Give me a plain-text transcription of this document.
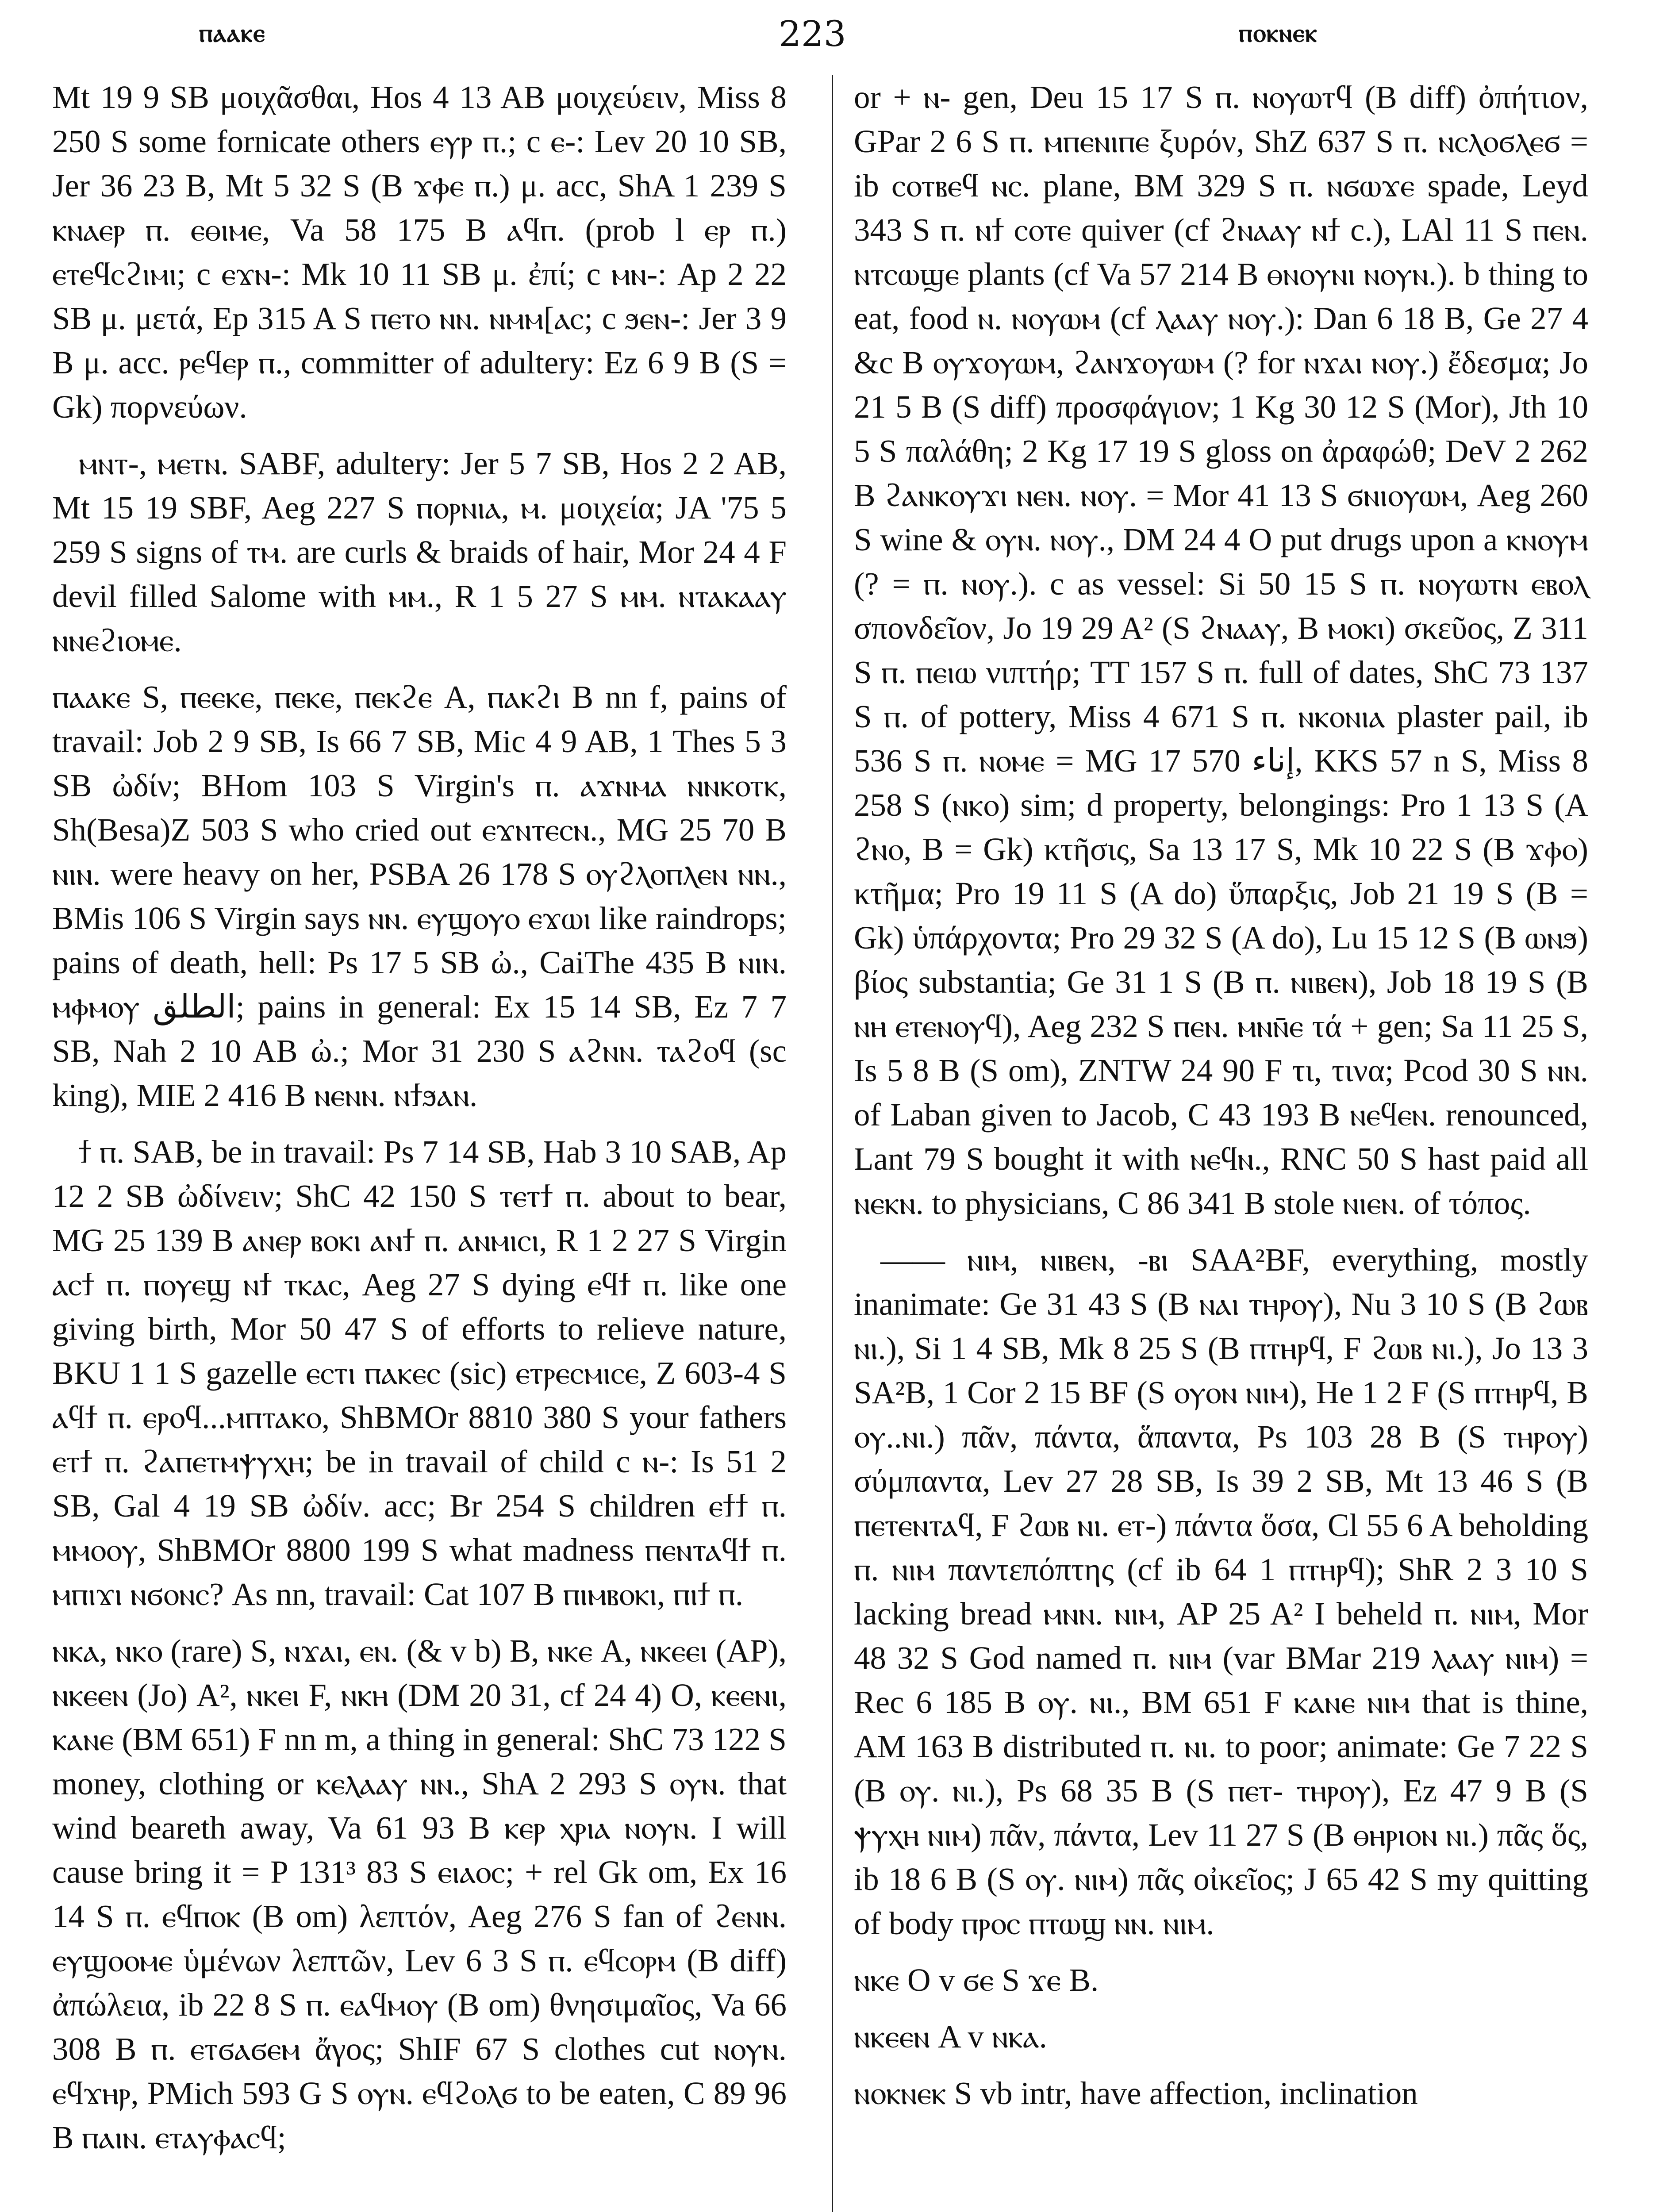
ⲡⲁⲁⲕⲉ	223	ⲡⲟⲕⲛⲉⲕ

Mt 19 9 SB μοιχᾶσθαι, Hos 4 13 AB μοιχεύειν, Miss 8 250 S some fornicate others ⲉⲩⲣ ⲡ.; c ⲉ-: Lev 20 10 SB, Jer 36 23 B, Mt 5 32 S (B ϫⲫⲉ ⲡ.) μ. acc, ShA 1 239 S ⲕⲛⲁⲉⲣ ⲡ. ⲉⲑⲓⲙⲉ, Va 58 175 B ⲁϥⲡ. (prob l ⲉⲣ ⲡ.) ⲉⲧⲉϥⲥϩⲓⲙⲓ; c ⲉϫⲛ-: Mk 10 11 SB μ. ἐπί; c ⲙⲛ-: Ap 2 22 SB μ. μετά, Ep 315 A S ⲡⲉⲧⲟ ⲛⲛ. ⲛⲙⲙ[ⲁⲥ; c ϧⲉⲛ-: Jer 3 9 B μ. acc. ⲣⲉϥⲉⲣ ⲡ., committer of adultery: Ez 6 9 B (S = Gk) πορνεύων.

ⲙⲛⲧ-, ⲙⲉⲧⲛ. SABF, adultery: Jer 5 7 SB, Hos 2 2 AB, Mt 15 19 SBF, Aeg 227 S ⲡⲟⲣⲛⲓⲁ, ⲙ. μοιχεία; JA '75 5 259 S signs of ⲧⲙ. are curls & braids of hair, Mor 24 4 F devil filled Salome with ⲙⲙ., R 1 5 27 S ⲙⲙ. ⲛⲧⲁⲕⲁⲁⲩ ⲛⲛⲉϩⲓⲟⲙⲉ.

ⲡⲁⲁⲕⲉ S, ⲡⲉⲉⲕⲉ, ⲡⲉⲕⲉ, ⲡⲉⲕϩⲉ A, ⲡⲁⲕϩⲓ B nn f, pains of travail: Job 2 9 SB, Is 66 7 SB, Mic 4 9 AB, 1 Thes 5 3 SB ὠδίν; BHom 103 S Virgin's ⲡ. ⲁϫⲛⲙⲁ ⲛⲛⲕⲟⲧⲕ, Sh(Besa)Z 503 S who cried out ⲉϫⲛⲧⲉⲥⲛ., MG 25 70 B ⲛⲓⲛ. were heavy on her, PSBA 26 178 S ⲟⲩϩⲗⲟⲡⲗⲉⲛ ⲛⲛ., BMis 106 S Virgin says ⲛⲛ. ⲉⲩϣⲟⲩⲟ ⲉϫⲱⲓ like raindrops; pains of death, hell: Ps 17 5 SB ὠ., CaiThe 435 B ⲛⲓⲛ. ⲙⲫⲙⲟⲩ الطلق; pains in general: Ex 15 14 SB, Ez 7 7 SB, Nah 2 10 AB ὠ.; Mor 31 230 S ⲁϩⲛⲛ. ⲧⲁϩⲟϥ (sc king), MIE 2 416 B ⲛⲉⲛⲛ. ⲛϯϧⲁⲛ.

ϯ ⲡ. SAB, be in travail: Ps 7 14 SB, Hab 3 10 SAB, Ap 12 2 SB ὠδίνειν; ShC 42 150 S ⲧⲉⲧϯ ⲡ. about to bear, MG 25 139 B ⲁⲛⲉⲣ ⲃⲟⲕⲓ ⲁⲛϯ ⲡ. ⲁⲛⲙⲓⲥⲓ, R 1 2 27 S Virgin ⲁⲥϯ ⲡ. ⲡⲟⲩⲉϣ ⲛϯ ⲧⲕⲁⲥ, Aeg 27 S dying ⲉϥϯ ⲡ. like one giving birth, Mor 50 47 S of efforts to relieve nature, BKU 1 1 S gazelle ⲉⲥⲧⲓ ⲡⲁⲕⲉⲥ (sic) ⲉⲧⲣⲉⲥⲙⲓⲥⲉ, Z 603-4 S ⲁϥϯ ⲡ. ⲉⲣⲟϥ...ⲙⲡⲧⲁⲕⲟ, ShBMOr 8810 380 S your fathers ⲉⲧϯ ⲡ. ϩⲁⲡⲉⲧⲙⲯⲩⲭⲏ; be in travail of child c ⲛ-: Is 51 2 SB, Gal 4 19 SB ὠδίν. acc; Br 254 S children ⲉϯϯ ⲡ. ⲙⲙⲟⲟⲩ, ShBMOr 8800 199 S what madness ⲡⲉⲛⲧⲁϥϯ ⲡ. ⲙⲡⲓϫⲓ ⲛϭⲟⲛⲥ? As nn, travail: Cat 107 B ⲡⲓⲙⲃⲟⲕⲓ, ⲡⲓϯ ⲡ.

ⲛⲕⲁ, ⲛⲕⲟ (rare) S, ⲛϫⲁⲓ, ⲉⲛ. (& v b) B, ⲛⲕⲉ A, ⲛⲕⲉⲉⲓ (AP), ⲛⲕⲉⲉⲛ (Jo) A², ⲛⲕⲉⲓ F, ⲛⲕⲏ (DM 20 31, cf 24 4) O, ⲕⲉⲉⲛⲓ, ⲕⲁⲛⲉ (BM 651) F nn m, a thing in general: ShC 73 122 S money, clothing or ⲕⲉⲗⲁⲁⲩ ⲛⲛ., ShA 2 293 S ⲟⲩⲛ. that wind beareth away, Va 61 93 B ⲕⲉⲣ ⲭⲣⲓⲁ ⲛⲟⲩⲛ. I will cause bring it = P 131³ 83 S ⲉⲓⲁⲟⲥ; + rel Gk om, Ex 16 14 S ⲡ. ⲉϥⲡⲟⲕ (B om) λεπτόν, Aeg 276 S fan of ϩⲉⲛⲛ. ⲉⲩϣⲟⲟⲙⲉ ὑμένων λεπτῶν, Lev 6 3 S ⲡ. ⲉϥⲥⲟⲣⲙ (B diff) ἀπώλεια, ib 22 8 S ⲡ. ⲉⲁϥⲙⲟⲩ (B om) θνησιμαῖος, Va 66 308 B ⲡ. ⲉⲧϭⲁϭⲉⲙ ἄγος; ShIF 67 S clothes cut ⲛⲟⲩⲛ. ⲉϥϫⲏⲣ, PMich 593 G S ⲟⲩⲛ. ⲉϥϩⲟⲗϭ to be eaten, C 89 96 B ⲡⲁⲓⲛ. ⲉⲧⲁⲩⲫⲁⲥϥ;

or + ⲛ- gen, Deu 15 17 S ⲡ. ⲛⲟⲩⲱⲧϥ (B diff) ὀπήτιον, GPar 2 6 S ⲡ. ⲙⲡⲉⲛⲓⲡⲉ ξυρόν, ShZ 637 S ⲡ. ⲛⲥⲗⲟϭⲗⲉϭ = ib ⲥⲟⲧⲃⲉϥ ⲛⲥ. plane, BM 329 S ⲡ. ⲛϭⲱϫⲉ spade, Leyd 343 S ⲡ. ⲛϯ ⲥⲟⲧⲉ quiver (cf ϩⲛⲁⲁⲩ ⲛϯ c.), LAl 11 S ⲡⲉⲛ. ⲛⲧⲥⲱϣⲉ plants (cf Va 57 214 B ⲑⲛⲟⲩⲛⲓ ⲛⲟⲩⲛ.). b thing to eat, food ⲛ. ⲛⲟⲩⲱⲙ (cf ⲗⲁⲁⲩ ⲛⲟⲩ.): Dan 6 18 B, Ge 27 4 &c B ⲟⲩϫⲟⲩⲱⲙ, ϩⲁⲛϫⲟⲩⲱⲙ (? for ⲛϫⲁⲓ ⲛⲟⲩ.) ἔδεσμα; Jo 21 5 B (S diff) προσφάγιον; 1 Kg 30 12 S (Mor), Jth 10 5 S παλάθη; 2 Kg 17 19 S gloss on ἀραφώθ; DeV 2 262 B ϩⲁⲛⲕⲟⲩϫⲓ ⲛⲉⲛ. ⲛⲟⲩ. = Mor 41 13 S ϭⲛⲓⲟⲩⲱⲙ, Aeg 260 S wine & ⲟⲩⲛ. ⲛⲟⲩ., DM 24 4 O put drugs upon a ⲕⲛⲟⲩⲙ (? = ⲡ. ⲛⲟⲩ.). c as vessel: Si 50 15 S ⲡ. ⲛⲟⲩⲱⲧⲛ ⲉⲃⲟⲗ σπονδεῖον, Jo 19 29 A² (S ϩⲛⲁⲁⲩ, B ⲙⲟⲕⲓ) σκεῦος, Z 311 S ⲡ. ⲡⲉⲓⲱ νιπτήρ; TT 157 S ⲡ. full of dates, ShC 73 137 S ⲡ. of pottery, Miss 4 671 S ⲡ. ⲛⲕⲟⲛⲓⲁ plaster pail, ib 536 S ⲡ. ⲛⲟⲙⲉ = MG 17 570 إناء, KKS 57 n S, Miss 8 258 S (ⲛⲕⲟ) sim; d property, belongings: Pro 1 13 S (A ϩⲛⲟ, B = Gk) κτῆσις, Sa 13 17 S, Mk 10 22 S (B ϫⲫⲟ) κτῆμα; Pro 19 11 S (A do) ὕπαρξις, Job 21 19 S (B = Gk) ὑπάρχοντα; Pro 29 32 S (A do), Lu 15 12 S (B ⲱⲛϧ) βίος substantia; Ge 31 1 S (B ⲡ. ⲛⲓⲃⲉⲛ), Job 18 19 S (B ⲛⲏ ⲉⲧⲉⲛⲟⲩϥ), Aeg 232 S ⲡⲉⲛ. ⲙⲛⲛ̄ⲉ τά + gen; Sa 11 25 S, Is 5 8 B (S om), ZNTW 24 90 F τι, τινα; Pcod 30 S ⲛⲛ. of Laban given to Jacob, C 43 193 B ⲛⲉϥⲉⲛ. renounced, Lant 79 S bought it with ⲛⲉϥⲛ., RNC 50 S hast paid all ⲛⲉⲕⲛ. to physicians, C 86 341 B stole ⲛⲓⲉⲛ. of τόπος.

—— ⲛⲓⲙ, ⲛⲓⲃⲉⲛ, -ⲃⲓ SAA²BF, everything, mostly inanimate: Ge 31 43 S (B ⲛⲁⲓ ⲧⲏⲣⲟⲩ), Nu 3 10 S (B ϩⲱⲃ ⲛⲓ.), Si 1 4 SB, Mk 8 25 S (B ⲡⲧⲏⲣϥ, F ϩⲱⲃ ⲛⲓ.), Jo 13 3 SA²B, 1 Cor 2 15 BF (S ⲟⲩⲟⲛ ⲛⲓⲙ), He 1 2 F (S ⲡⲧⲏⲣϥ, B ⲟⲩ..ⲛⲓ.) πᾶν, πάντα, ἅπαντα, Ps 103 28 B (S ⲧⲏⲣⲟⲩ) σύμπαντα, Lev 27 28 SB, Is 39 2 SB, Mt 13 46 S (B ⲡⲉⲧⲉⲛⲧⲁϥ, F ϩⲱⲃ ⲛⲓ. ⲉⲧ-) πάντα ὅσα, Cl 55 6 A beholding ⲡ. ⲛⲓⲙ παντεπόπτης (cf ib 64 1 ⲡⲧⲏⲣϥ); ShR 2 3 10 S lacking bread ⲙⲛⲛ. ⲛⲓⲙ, AP 25 A² I beheld ⲡ. ⲛⲓⲙ, Mor 48 32 S God named ⲡ. ⲛⲓⲙ (var BMar 219 ⲗⲁⲁⲩ ⲛⲓⲙ) = Rec 6 185 B ⲟⲩ. ⲛⲓ., BM 651 F ⲕⲁⲛⲉ ⲛⲓⲙ that is thine, AM 163 B distributed ⲡ. ⲛⲓ. to poor; animate: Ge 7 22 S (B ⲟⲩ. ⲛⲓ.), Ps 68 35 B (S ⲡⲉⲧ- ⲧⲏⲣⲟⲩ), Ez 47 9 B (S ⲯⲩⲭⲏ ⲛⲓⲙ) πᾶν, πάντα, Lev 11 27 S (B ⲑⲏⲣⲓⲟⲛ ⲛⲓ.) πᾶς ὅς, ib 18 6 B (S ⲟⲩ. ⲛⲓⲙ) πᾶς οἰκεῖος; J 65 42 S my quitting of body ⲡⲣⲟⲥ ⲡⲧⲱϣ ⲛⲛ. ⲛⲓⲙ.

ⲛⲕⲉ O v ϭⲉ S ϫⲉ B.

ⲛⲕⲉⲉⲛ A v ⲛⲕⲁ.

ⲛⲟⲕⲛⲉⲕ S vb intr, have affection, inclination
